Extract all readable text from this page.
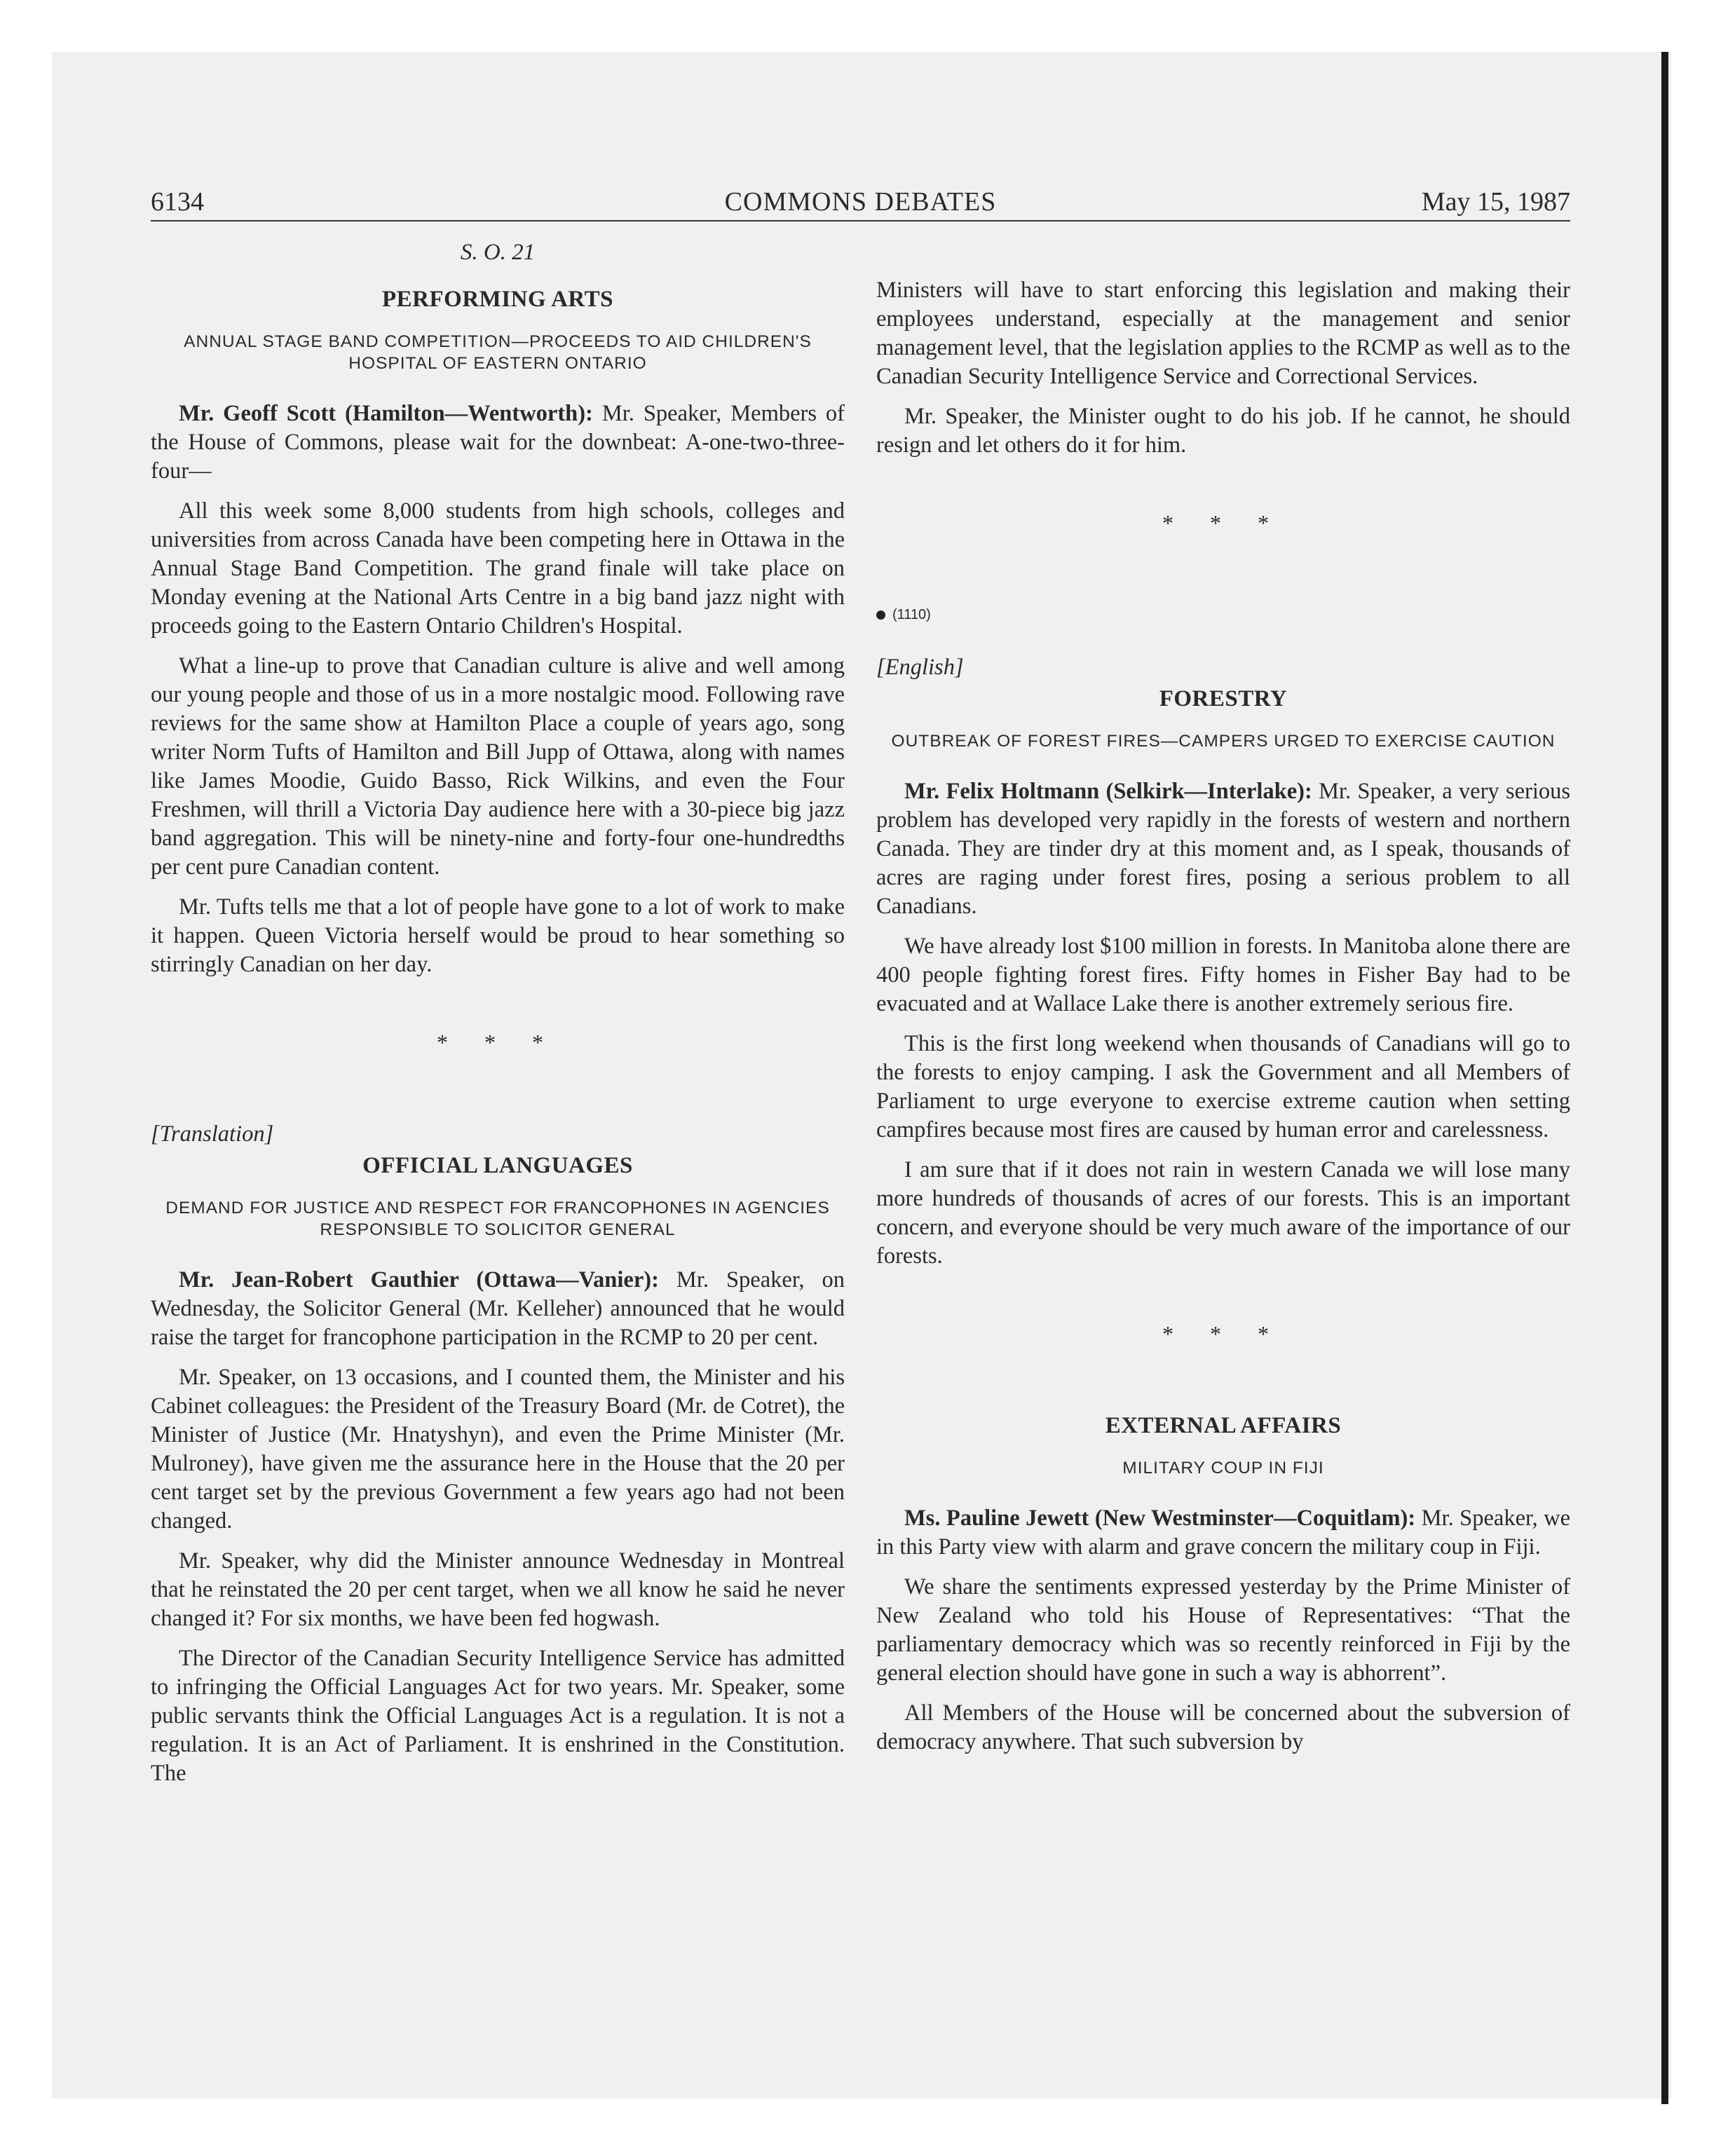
COMMONS DEBATES
6134	May 15, 1987
S. O. 21
PERFORMING ARTS
ANNUAL STAGE BAND COMPETITION—PROCEEDS TO AID CHILDREN'S HOSPITAL OF EASTERN ONTARIO

Mr. Geoff Scott (Hamilton—Wentworth): Mr. Speaker, Members of the House of Commons, please wait for the downbeat: A-one-two-three-four—

All this week some 8,000 students from high schools, colleges and universities from across Canada have been competing here in Ottawa in the Annual Stage Band Competition. The grand finale will take place on Monday evening at the National Arts Centre in a big band jazz night with proceeds going to the Eastern Ontario Children's Hospital.

What a line-up to prove that Canadian culture is alive and well among our young people and those of us in a more nostalgic mood. Following rave reviews for the same show at Hamilton Place a couple of years ago, song writer Norm Tufts of Hamilton and Bill Jupp of Ottawa, along with names like James Moodie, Guido Basso, Rick Wilkins, and even the Four Freshmen, will thrill a Victoria Day audience here with a 30-piece big jazz band aggregation. This will be ninety-nine and forty-four one-hundredths per cent pure Canadian content.

Mr. Tufts tells me that a lot of people have gone to a lot of work to make it happen. Queen Victoria herself would be proud to hear something so stirringly Canadian on her day.

* * *
[Translation]
OFFICIAL LANGUAGES
DEMAND FOR JUSTICE AND RESPECT FOR FRANCOPHONES IN AGENCIES RESPONSIBLE TO SOLICITOR GENERAL

Mr. Jean-Robert Gauthier (Ottawa—Vanier): Mr. Speaker, on Wednesday, the Solicitor General (Mr. Kelleher) announced that he would raise the target for francophone participation in the RCMP to 20 per cent.

Mr. Speaker, on 13 occasions, and I counted them, the Minister and his Cabinet colleagues: the President of the Treasury Board (Mr. de Cotret), the Minister of Justice (Mr. Hnatyshyn), and even the Prime Minister (Mr. Mulroney), have given me the assurance here in the House that the 20 per cent target set by the previous Government a few years ago had not been changed.

Mr. Speaker, why did the Minister announce Wednesday in Montreal that he reinstated the 20 per cent target, when we all know he said he never changed it? For six months, we have been fed hogwash.

The Director of the Canadian Security Intelligence Service has admitted to infringing the Official Languages Act for two years. Mr. Speaker, some public servants think the Official Languages Act is a regulation. It is not a regulation. It is an Act of Parliament. It is enshrined in the Constitution. The

Ministers will have to start enforcing this legislation and making their employees understand, especially at the management and senior management level, that the legislation applies to the RCMP as well as to the Canadian Security Intelligence Service and Correctional Services.

Mr. Speaker, the Minister ought to do his job. If he cannot, he should resign and let others do it for him.

* * *
(1110)
[English]
FORESTRY
OUTBREAK OF FOREST FIRES—CAMPERS URGED TO EXERCISE CAUTION

Mr. Felix Holtmann (Selkirk—Interlake): Mr. Speaker, a very serious problem has developed very rapidly in the forests of western and northern Canada. They are tinder dry at this moment and, as I speak, thousands of acres are raging under forest fires, posing a serious problem to all Canadians.

We have already lost $100 million in forests. In Manitoba alone there are 400 people fighting forest fires. Fifty homes in Fisher Bay had to be evacuated and at Wallace Lake there is another extremely serious fire.

This is the first long weekend when thousands of Canadians will go to the forests to enjoy camping. I ask the Government and all Members of Parliament to urge everyone to exercise extreme caution when setting campfires because most fires are caused by human error and carelessness.

I am sure that if it does not rain in western Canada we will lose many more hundreds of thousands of acres of our forests. This is an important concern, and everyone should be very much aware of the importance of our forests.

* * *
EXTERNAL AFFAIRS
MILITARY COUP IN FIJI

Ms. Pauline Jewett (New Westminster—Coquitlam): Mr. Speaker, we in this Party view with alarm and grave concern the military coup in Fiji.

We share the sentiments expressed yesterday by the Prime Minister of New Zealand who told his House of Representatives: “That the parliamentary democracy which was so recently reinforced in Fiji by the general election should have gone in such a way is abhorrent”.

All Members of the House will be concerned about the subversion of democracy anywhere. That such subversion by
